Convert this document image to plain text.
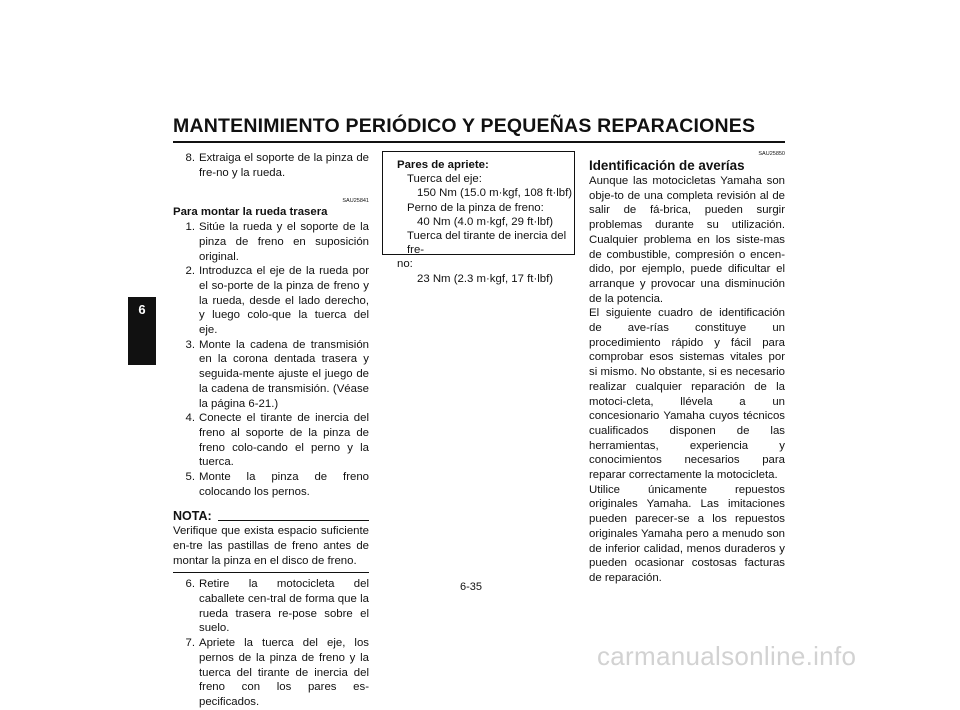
MANTENIMIENTO PERIÓDICO Y PEQUEÑAS REPARACIONES
6
8. Extraiga el soporte de la pinza de fre-no y la rueda.
SAU25841
Para montar la rueda trasera
1. Sitúe la rueda y el soporte de la pinza de freno en suposición original.
2. Introduzca el eje de la rueda por el so-porte de la pinza de freno y la rueda, desde el lado derecho, y luego colo-que la tuerca del eje.
3. Monte la cadena de transmisión en la corona dentada trasera y seguida-mente ajuste el juego de la cadena de transmisión. (Véase la página 6-21.)
4. Conecte el tirante de inercia del freno al soporte de la pinza de freno colo-cando el perno y la tuerca.
5. Monte la pinza de freno colocando los pernos.
NOTA:
Verifique que exista espacio suficiente en-tre las pastillas de freno antes de montar la pinza en el disco de freno.
6. Retire la motocicleta del caballete cen-tral de forma que la rueda trasera re-pose sobre el suelo.
7. Apriete la tuerca del eje, los pernos de la pinza de freno y la tuerca del tirante de inercia del freno con los pares es-pecificados.
Pares de apriete:
Tuerca del eje:
150 Nm (15.0 m·kgf, 108 ft·lbf)
Perno de la pinza de freno:
40 Nm (4.0 m·kgf, 29 ft·lbf)
Tuerca del tirante de inercia del fre-
no:
23 Nm (2.3 m·kgf, 17 ft·lbf)
SAU25850
Identificación de averías
Aunque las motocicletas Yamaha son obje-to de una completa revisión al de salir de fá-brica, pueden surgir problemas durante su utilización. Cualquier problema en los siste-mas de combustible, compresión o encen-dido, por ejemplo, puede dificultar el arranque y provocar una disminución de la potencia.
El siguiente cuadro de identificación de ave-rías constituye un procedimiento rápido y fácil para comprobar esos sistemas vitales por si mismo. No obstante, si es necesario realizar cualquier reparación de la motoci-cleta, llévela a un concesionario Yamaha cuyos técnicos cualificados disponen de las herramientas, experiencia y conocimientos necesarios para reparar correctamente la motocicleta.
Utilice únicamente repuestos originales Yamaha. Las imitaciones pueden parecer-se a los repuestos originales Yamaha pero a menudo son de inferior calidad, menos duraderos y pueden ocasionar costosas facturas de reparación.
6-35
carmanualsonline.info
